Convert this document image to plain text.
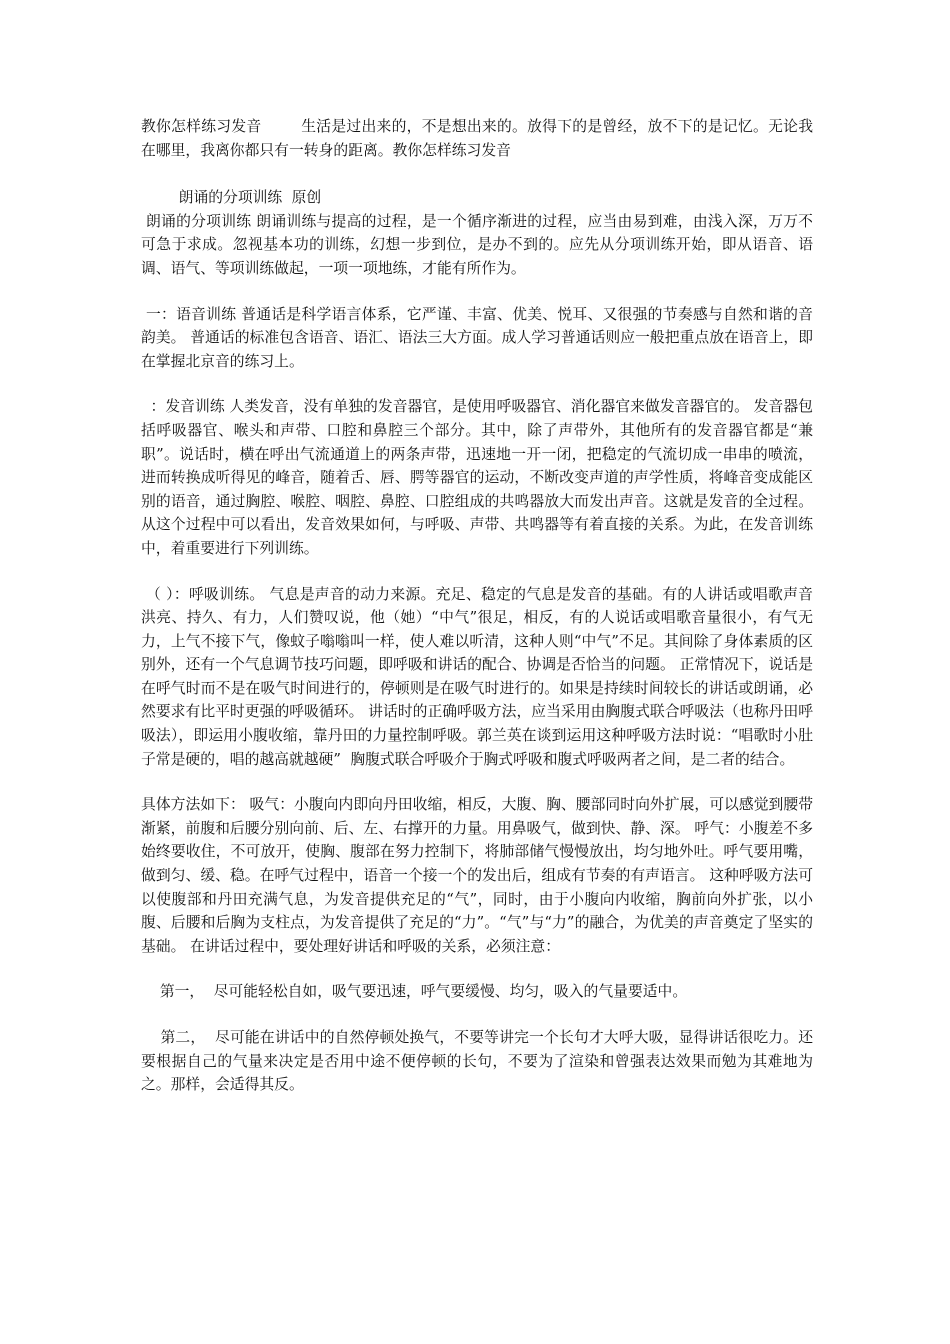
教你怎样练习发音        生活是过出来的，不是想出来的。放得下的是曾经，放不下的是记忆。无论我在哪里，我离你都只有一转身的距离。教你怎样练习发音

朗诵的分项训练  原创

朗诵的分项训练 朗诵训练与提高的过程，是一个循序渐进的过程，应当由易到难，由浅入深，万万不可急于求成。忽视基本功的训练，幻想一步到位，是办不到的。应先从分项训练开始，即从语音、语调、语气、等项训练做起，一项一项地练，才能有所作为。

一：语音训练 普通话是科学语言体系，它严谨、丰富、优美、悦耳、又很强的节奏感与自然和谐的音韵美。 普通话的标准包含语音、语汇、语法三大方面。成人学习普通话则应一般把重点放在语音上，即在掌握北京音的练习上。

：发音训练 人类发音，没有单独的发音器官，是使用呼吸器官、消化器官来做发音器官的。 发音器包括呼吸器官、喉头和声带、口腔和鼻腔三个部分。其中，除了声带外，其他所有的发音器官都是“兼职”。说话时，横在呼出气流通道上的两条声带，迅速地一开一闭，把稳定的气流切成一串串的喷流，进而转换成听得见的峰音，随着舌、唇、腭等器官的运动，不断改变声道的声学性质，将峰音变成能区别的语音，通过胸腔、喉腔、咽腔、鼻腔、口腔组成的共鸣器放大而发出声音。这就是发音的全过程。从这个过程中可以看出，发音效果如何，与呼吸、声带、共鸣器等有着直接的关系。为此，在发音训练中，着重要进行下列训练。

（ ）：呼吸训练。 气息是声音的动力来源。充足、稳定的气息是发音的基础。有的人讲话或唱歌声音洪亮、持久、有力，人们赞叹说，他（她）“中气”很足，相反，有的人说话或唱歌音量很小，有气无力，上气不接下气，像蚊子嗡嗡叫一样，使人难以听清，这种人则“中气”不足。其间除了身体素质的区别外，还有一个气息调节技巧问题，即呼吸和讲话的配合、协调是否恰当的问题。 正常情况下，说话是在呼气时而不是在吸气时间进行的，停顿则是在吸气时进行的。如果是持续时间较长的讲话或朗诵，必然要求有比平时更强的呼吸循环。 讲话时的正确呼吸方法，应当采用由胸腹式联合呼吸法（也称丹田呼吸法），即运用小腹收缩，靠丹田的力量控制呼吸。郭兰英在谈到运用这种呼吸方法时说：“唱歌时小肚子常是硬的，唱的越高就越硬”  胸腹式联合呼吸介于胸式呼吸和腹式呼吸两者之间，是二者的结合。

具体方法如下： 吸气：小腹向内即向丹田收缩，相反，大腹、胸、腰部同时向外扩展，可以感觉到腰带渐紧，前腹和后腰分别向前、后、左、右撑开的力量。用鼻吸气，做到快、静、深。 呼气：小腹差不多始终要收住，不可放开，使胸、腹部在努力控制下，将肺部储气慢慢放出，均匀地外吐。呼气要用嘴，做到匀、缓、稳。在呼气过程中，语音一个接一个的发出后，组成有节奏的有声语言。 这种呼吸方法可以使腹部和丹田充满气息，为发音提供充足的“气”，同时，由于小腹向内收缩，胸前向外扩张，以小腹、后腰和后胸为支柱点，为发音提供了充足的“力”。“气”与“力”的融合，为优美的声音奠定了坚实的基础。 在讲话过程中，要处理好讲话和呼吸的关系，必须注意：

第一，  尽可能轻松自如，吸气要迅速，呼气要缓慢、均匀，吸入的气量要适中。

第二，  尽可能在讲话中的自然停顿处换气，不要等讲完一个长句才大呼大吸，显得讲话很吃力。还要根据自己的气量来决定是否用中途不便停顿的长句，不要为了渲染和曾强表达效果而勉为其难地为之。那样，会适得其反。
